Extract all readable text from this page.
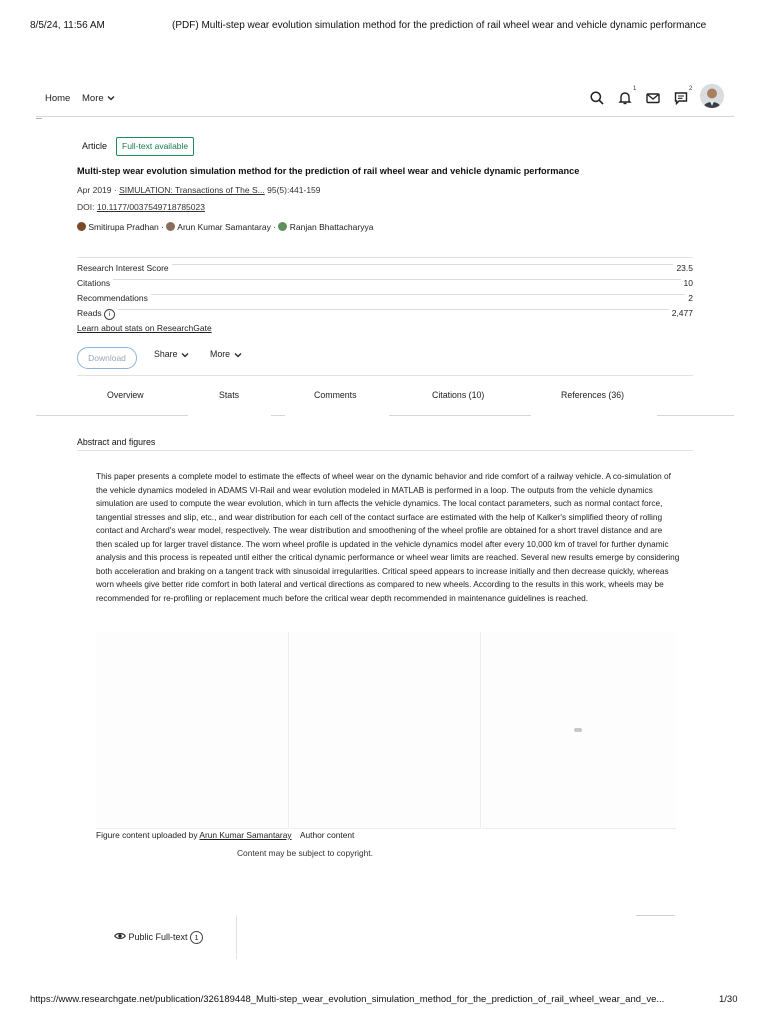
8/5/24, 11:56 AM	(PDF) Multi-step wear evolution simulation method for the prediction of rail wheel wear and vehicle dynamic performance
Home More
1	2
Article	Full-text available
Multi-step wear evolution simulation method for the prediction of rail wheel wear and vehicle dynamic performance
Apr 2019 · SIMULATION: Transactions of The S... 95(5):441-159
DOI: 10.1177/0037549718785023
Smitirupa Pradhan · Arun Kumar Samantaray · Ranjan Bhattacharyya
Research Interest Score	23.5
Citations	10
Recommendations	2
Reads i	2,477
Learn about stats on ResearchGate
Download	Share	More
Overview	Stats	Comments	Citations (10)	References (36)
Abstract and figures
This paper presents a complete model to estimate the effects of wheel wear on the dynamic behavior and ride comfort of a railway vehicle. A co-simulation of the vehicle dynamics modeled in ADAMS VI-Rail and wear evolution modeled in MATLAB is performed in a loop. The outputs from the vehicle dynamics simulation are used to compute the wear evolution, which in turn affects the vehicle dynamics. The local contact parameters, such as normal contact force, tangential stresses and slip, etc., and wear distribution for each cell of the contact surface are estimated with the help of Kalker's simplified theory of rolling contact and Archard's wear model, respectively. The wear distribution and smoothening of the wheel profile are obtained for a short travel distance and are then scaled up for larger travel distance. The worn wheel profile is updated in the vehicle dynamics model after every 10,000 km of travel for further dynamic analysis and this process is repeated until either the critical dynamic performance or wheel wear limits are reached. Several new results emerge by considering both acceleration and braking on a tangent track with sinusoidal irregularities. Critical speed appears to increase initially and then decrease quickly, whereas worn wheels give better ride comfort in both lateral and vertical directions as compared to new wheels. According to the results in this work, wheels may be recommended for re-profiling or replacement much before the critical wear depth recommended in maintenance guidelines is reached.
Figure content uploaded by Arun Kumar Samantaray Author content
Content may be subject to copyright.
Public Full-text 1
https://www.researchgate.net/publication/326189448_Multi-step_wear_evolution_simulation_method_for_the_prediction_of_rail_wheel_wear_and_ve...	1/30
